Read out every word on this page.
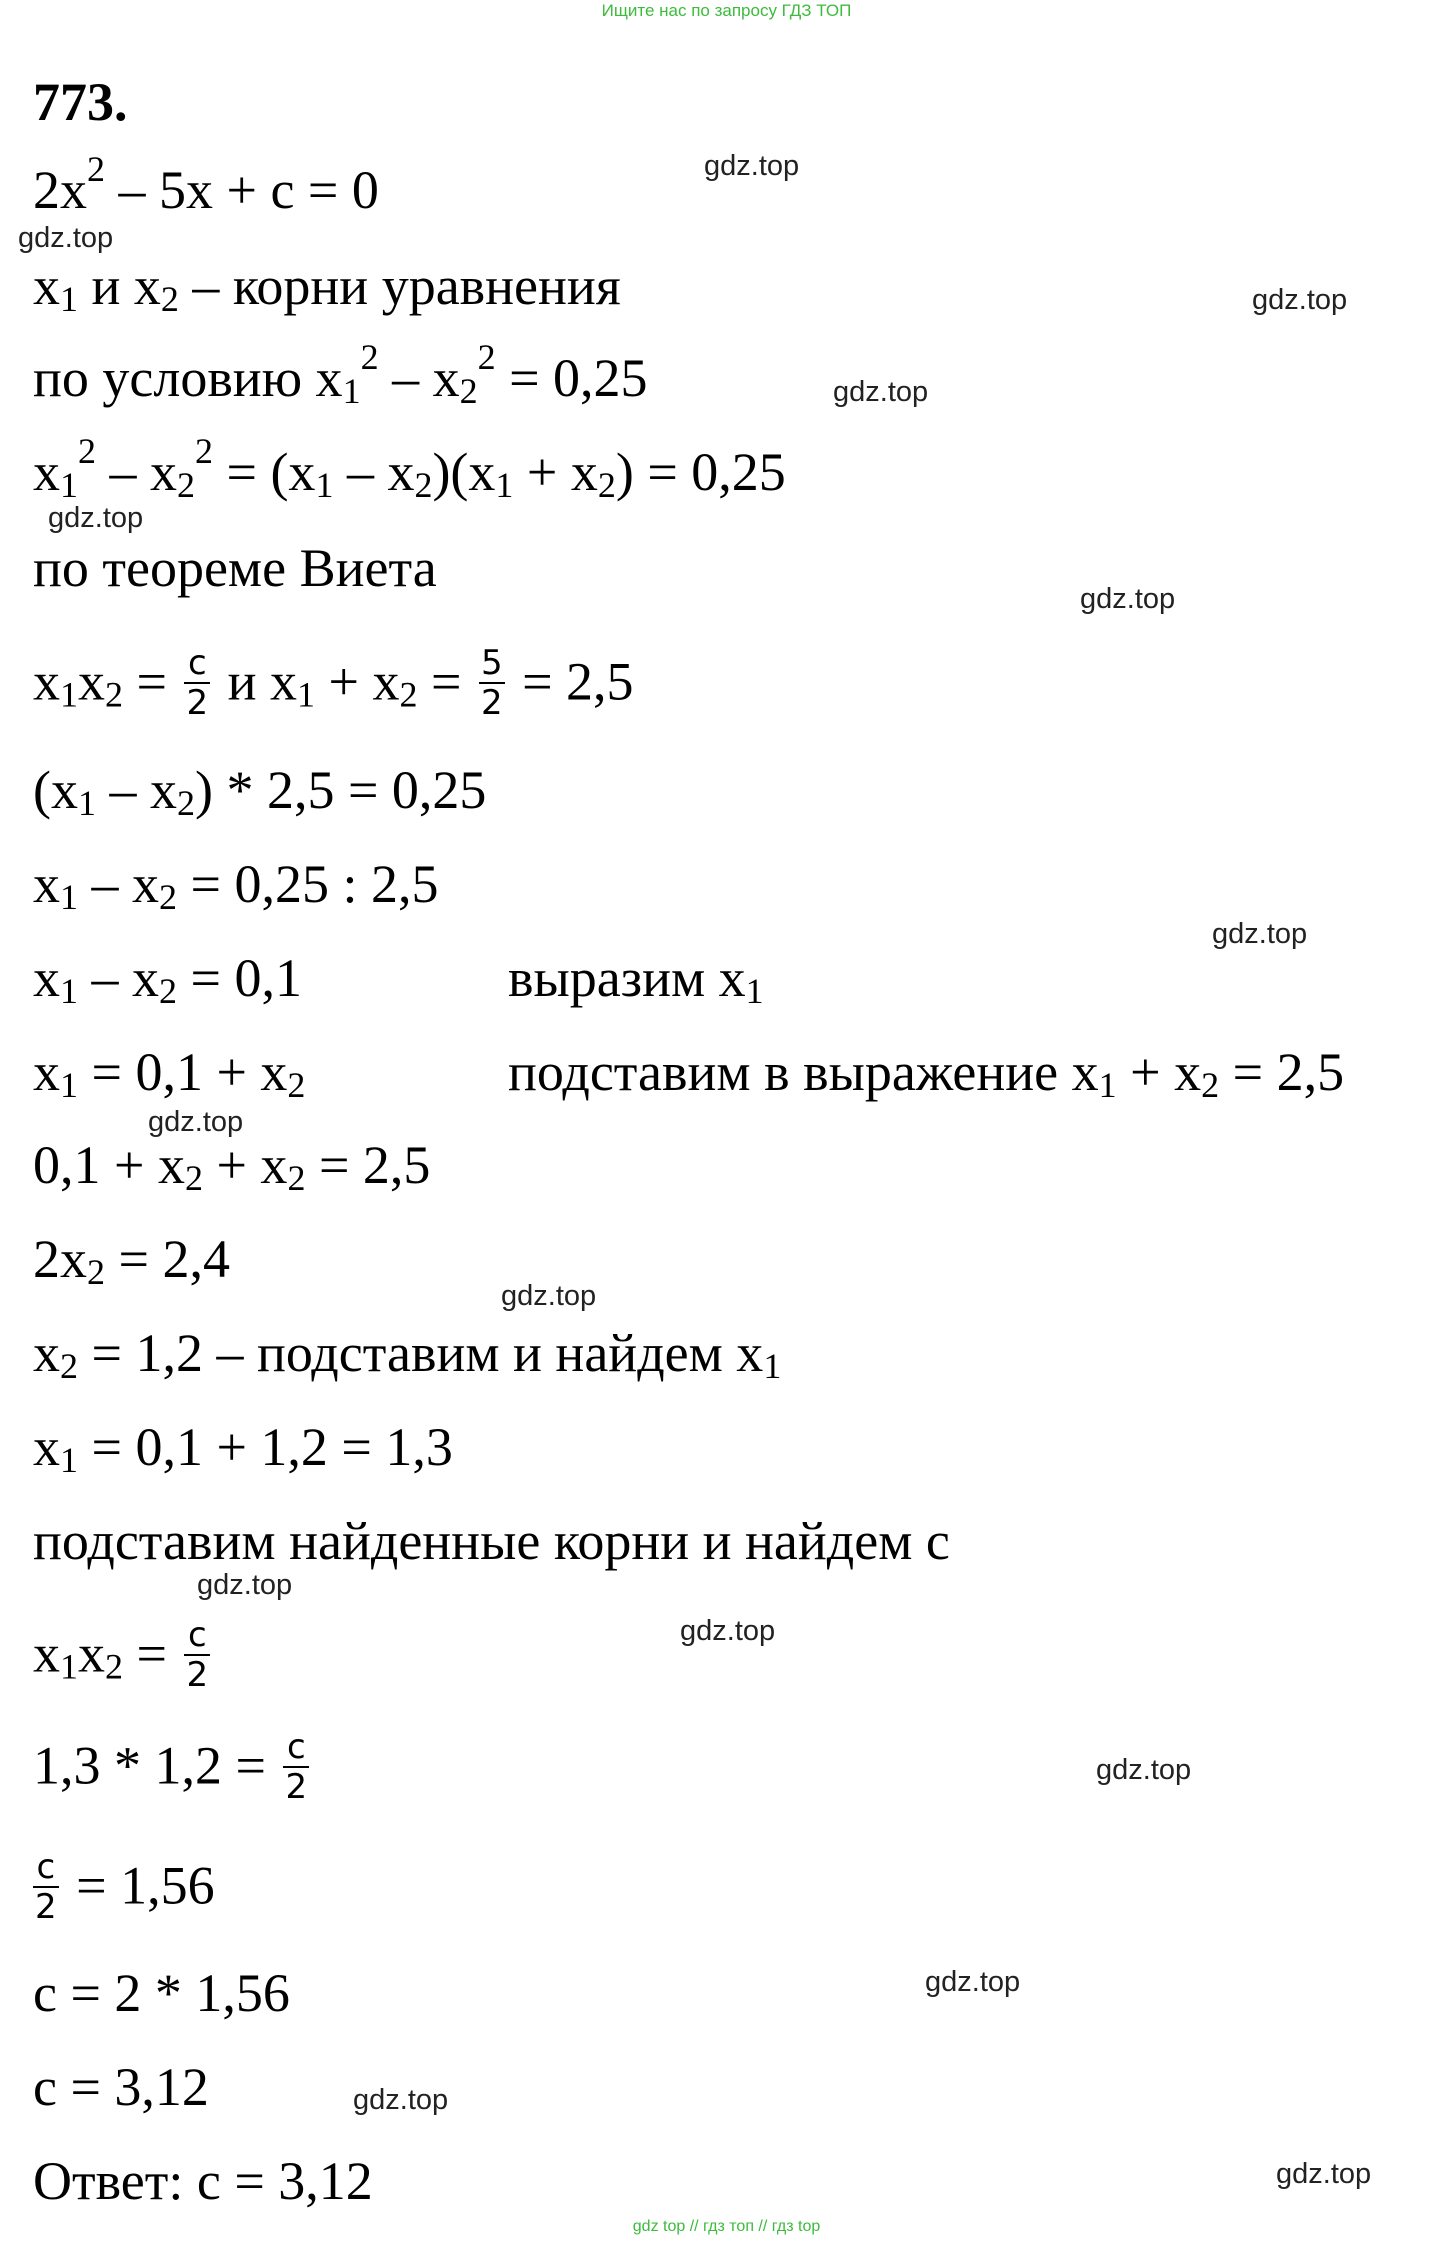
Ищите нас по запросу ГДЗ ТОП
773.
$2x^2 - 5x + c = 0$
$x_1$ и $x_2$ – корни уравнения
по условию $x_1^2 - x_2^2 = 0,25$
$x_1^2 - x_2^2 = (x_1 - x_2)(x_1 + x_2) = 0,25$
по теореме Виета
$x_1x_2 = \frac{c}{2}$ и $x_1 + x_2 = \frac{5}{2} = 2,5$
$(x_1 - x_2) * 2,5 = 0,25$
$x_1 - x_2 = 0,25$ : 2,5
$x_1 - x_2 = 0,1$	выразим $x_1$
$x_1 = 0,1 + x_2$	подставим в выражение $x_1 + x_2 = 2,5$
$0,1 + x_2 + x_2 = 2,5$
$2x_2 = 2,4$
$x_2 = 1,2$ – подставим и найдем $x_1$
$x_1 = 0,1 + 1,2 = 1,3$
подставим найденные корни и найдем c
$x_1x_2 = \frac{c}{2}$
$1,3 * 1,2 = \frac{c}{2}$
$\frac{c}{2} = 1,56$
c = 2 * 1,56
c = 3,12
Ответ: c = 3,12
gdz.top
gdz.top
gdz.top
gdz.top
gdz.top
gdz.top
gdz.top
gdz.top
gdz.top
gdz.top
gdz.top
gdz.top
gdz.top
gdz.top
gdz.top
gdz top // гдз топ // гдз top
